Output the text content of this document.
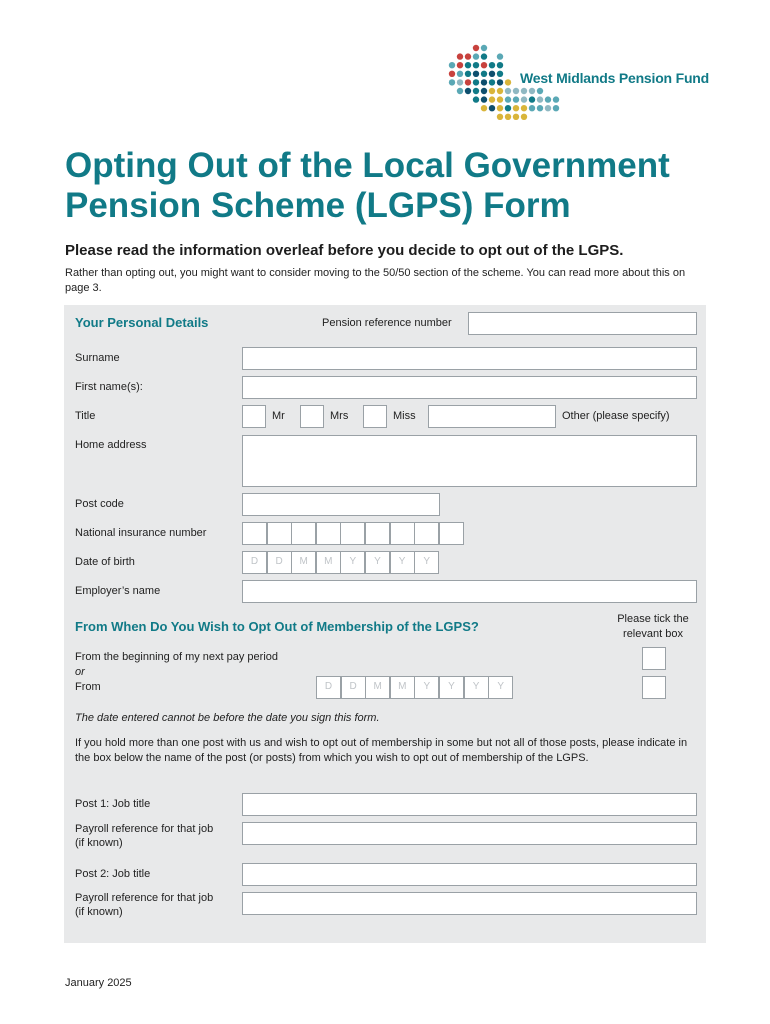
West Midlands Pension Fund
Opting Out of the Local Government Pension Scheme (LGPS) Form
Please read the information overleaf before you decide to opt out of the LGPS.
Rather than opting out, you might want to consider moving to the 50/50 section of the scheme. You can read more about this on page 3.
Your Personal Details	Pension reference number
Surname
First name(s):
Title	Mr	Mrs	Miss	Other (please specify)
Home address
Post code
National insurance number
Date of birth	D	D	M	M	Y	Y	Y	Y
Employer’s name
From When Do You Wish to Opt Out of Membership of the LGPS?	Please tick the relevant box
From the beginning of my next pay period
or
From	D	D	M	M	Y	Y	Y	Y
The date entered cannot be before the date you sign this form.
If you hold more than one post with us and wish to opt out of membership in some but not all of those posts, please indicate in the box below the name of the post (or posts) from which you wish to opt out of membership of the LGPS.
Post 1: Job title
Payroll reference for that job
(if known)
Post 2: Job title
Payroll reference for that job
(if known)
January 2025
